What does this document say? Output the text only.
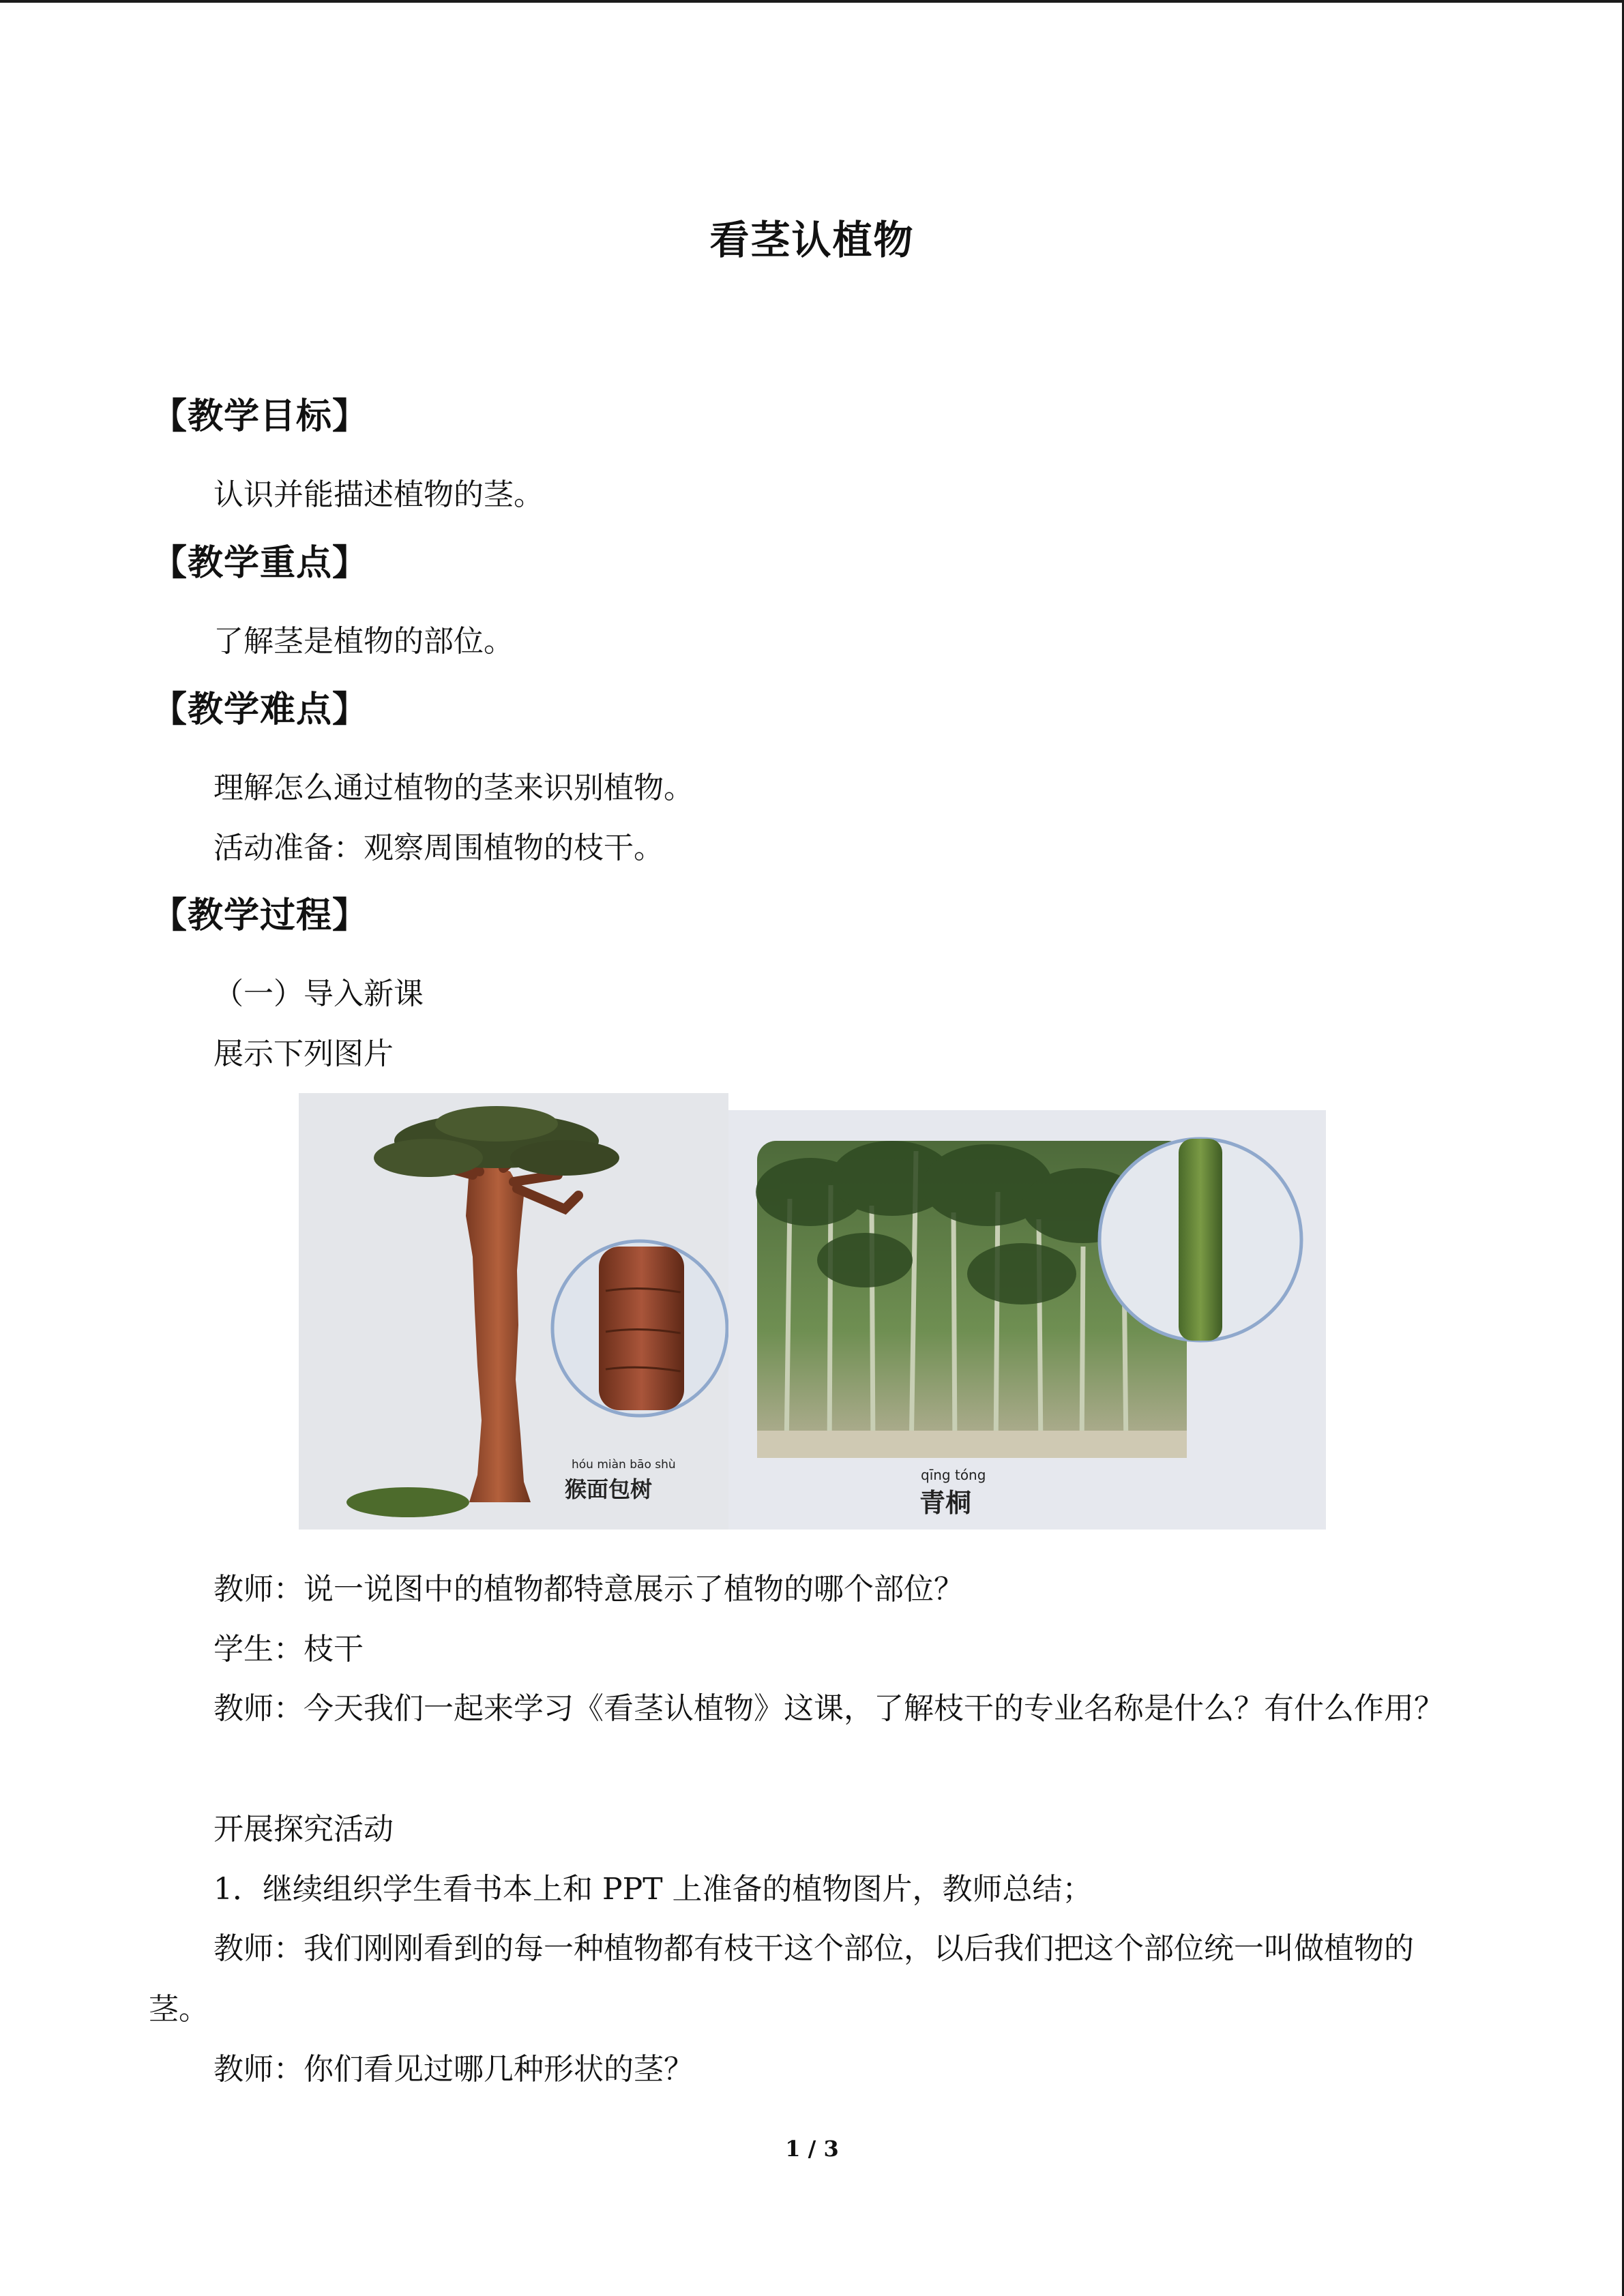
看茎认植物
【教学目标】
认识并能描述植物的茎。
【教学重点】
了解茎是植物的部位。
【教学难点】
理解怎么通过植物的茎来识别植物。
活动准备：观察周围植物的枝干。
【教学过程】
（一）导入新课
展示下列图片
hóu miàn bāo shù
猴面包树
qīng tóng
青桐
教师：说一说图中的植物都特意展示了植物的哪个部位？
学生：枝干
教师：今天我们一起来学习《看茎认植物》这课，了解枝干的专业名称是什么？有什么作用？
开展探究活动
1．继续组织学生看书本上和 PPT 上准备的植物图片，教师总结；
教师：我们刚刚看到的每一种植物都有枝干这个部位，以后我们把这个部位统一叫做植物的茎。
教师：你们看见过哪几种形状的茎？
1 / 3
